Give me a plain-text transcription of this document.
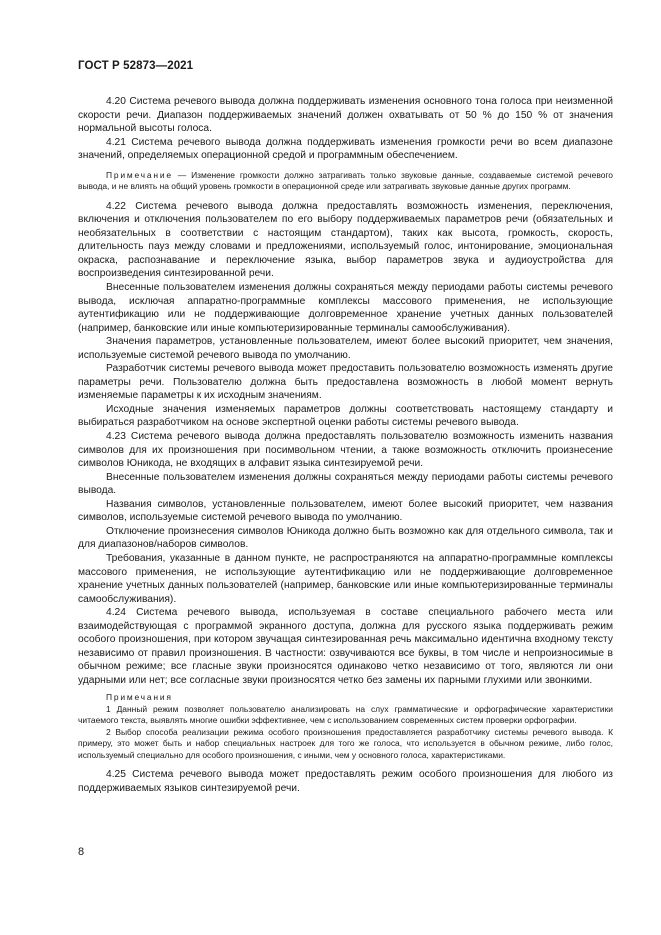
ГОСТ Р 52873—2021

4.20 Система речевого вывода должна поддерживать изменения основного тона голоса при неизменной скорости речи. Диапазон поддерживаемых значений должен охватывать от 50 % до 150 % от значения нормальной высоты голоса.

4.21 Система речевого вывода должна поддерживать изменения громкости речи во всем диапазоне значений, определяемых операционной средой и программным обеспечением.

Примечание — Изменение громкости должно затрагивать только звуковые данные, создаваемые системой речевого вывода, и не влиять на общий уровень громкости в операционной среде или затрагивать звуковые данные других программ.

4.22 Система речевого вывода должна предоставлять возможность изменения, переключения, включения и отключения пользователем по его выбору поддерживаемых параметров речи (обязательных и необязательных в соответствии с настоящим стандартом), таких как высота, громкость, скорость, длительность пауз между словами и предложениями, используемый голос, интонирование, эмоциональная окраска, распознавание и переключение языка, выбор параметров звука и аудиоустройства для воспроизведения синтезированной речи.

Внесенные пользователем изменения должны сохраняться между периодами работы системы речевого вывода, исключая аппаратно-программные комплексы массового применения, не использующие аутентификацию или не поддерживающие долговременное хранение учетных данных пользователей (например, банковские или иные компьютеризированные терминалы самообслуживания).

Значения параметров, установленные пользователем, имеют более высокий приоритет, чем значения, используемые системой речевого вывода по умолчанию.

Разработчик системы речевого вывода может предоставить пользователю возможность изменять другие параметры речи. Пользователю должна быть предоставлена возможность в любой момент вернуть изменяемые параметры к их исходным значениям.

Исходные значения изменяемых параметров должны соответствовать настоящему стандарту и выбираться разработчиком на основе экспертной оценки работы системы речевого вывода.

4.23 Система речевого вывода должна предоставлять пользователю возможность изменить названия символов для их произношения при посимвольном чтении, а также возможность отключить произнесение символов Юникода, не входящих в алфавит языка синтезируемой речи.

Внесенные пользователем изменения должны сохраняться между периодами работы системы речевого вывода.

Названия символов, установленные пользователем, имеют более высокий приоритет, чем названия символов, используемые системой речевого вывода по умолчанию.

Отключение произнесения символов Юникода должно быть возможно как для отдельного символа, так и для диапазонов/наборов символов.

Требования, указанные в данном пункте, не распространяются на аппаратно-программные комплексы массового применения, не использующие аутентификацию или не поддерживающие долговременное хранение учетных данных пользователей (например, банковские или иные компьютеризированные терминалы самообслуживания).

4.24 Система речевого вывода, используемая в составе специального рабочего места или взаимодействующая с программой экранного доступа, должна для русского языка поддерживать режим особого произношения, при котором звучащая синтезированная речь максимально идентична входному тексту независимо от правил произношения. В частности: озвучиваются все буквы, в том числе и непроизносимые в обычном режиме; все гласные звуки произносятся одинаково четко независимо от того, являются ли они ударными или нет; все согласные звуки произносятся четко без замены их парными глухими или звонкими.

Примечания

1 Данный режим позволяет пользователю анализировать на слух грамматические и орфографические характеристики читаемого текста, выявлять многие ошибки эффективнее, чем с использованием современных систем проверки орфографии.

2 Выбор способа реализации режима особого произношения предоставляется разработчику системы речевого вывода. К примеру, это может быть и набор специальных настроек для того же голоса, что используется в обычном режиме, либо голос, используемый специально для особого произношения, с иными, чем у основного голоса, характеристиками.

4.25 Система речевого вывода может предоставлять режим особого произношения для любого из поддерживаемых языков синтезируемой речи.

8
